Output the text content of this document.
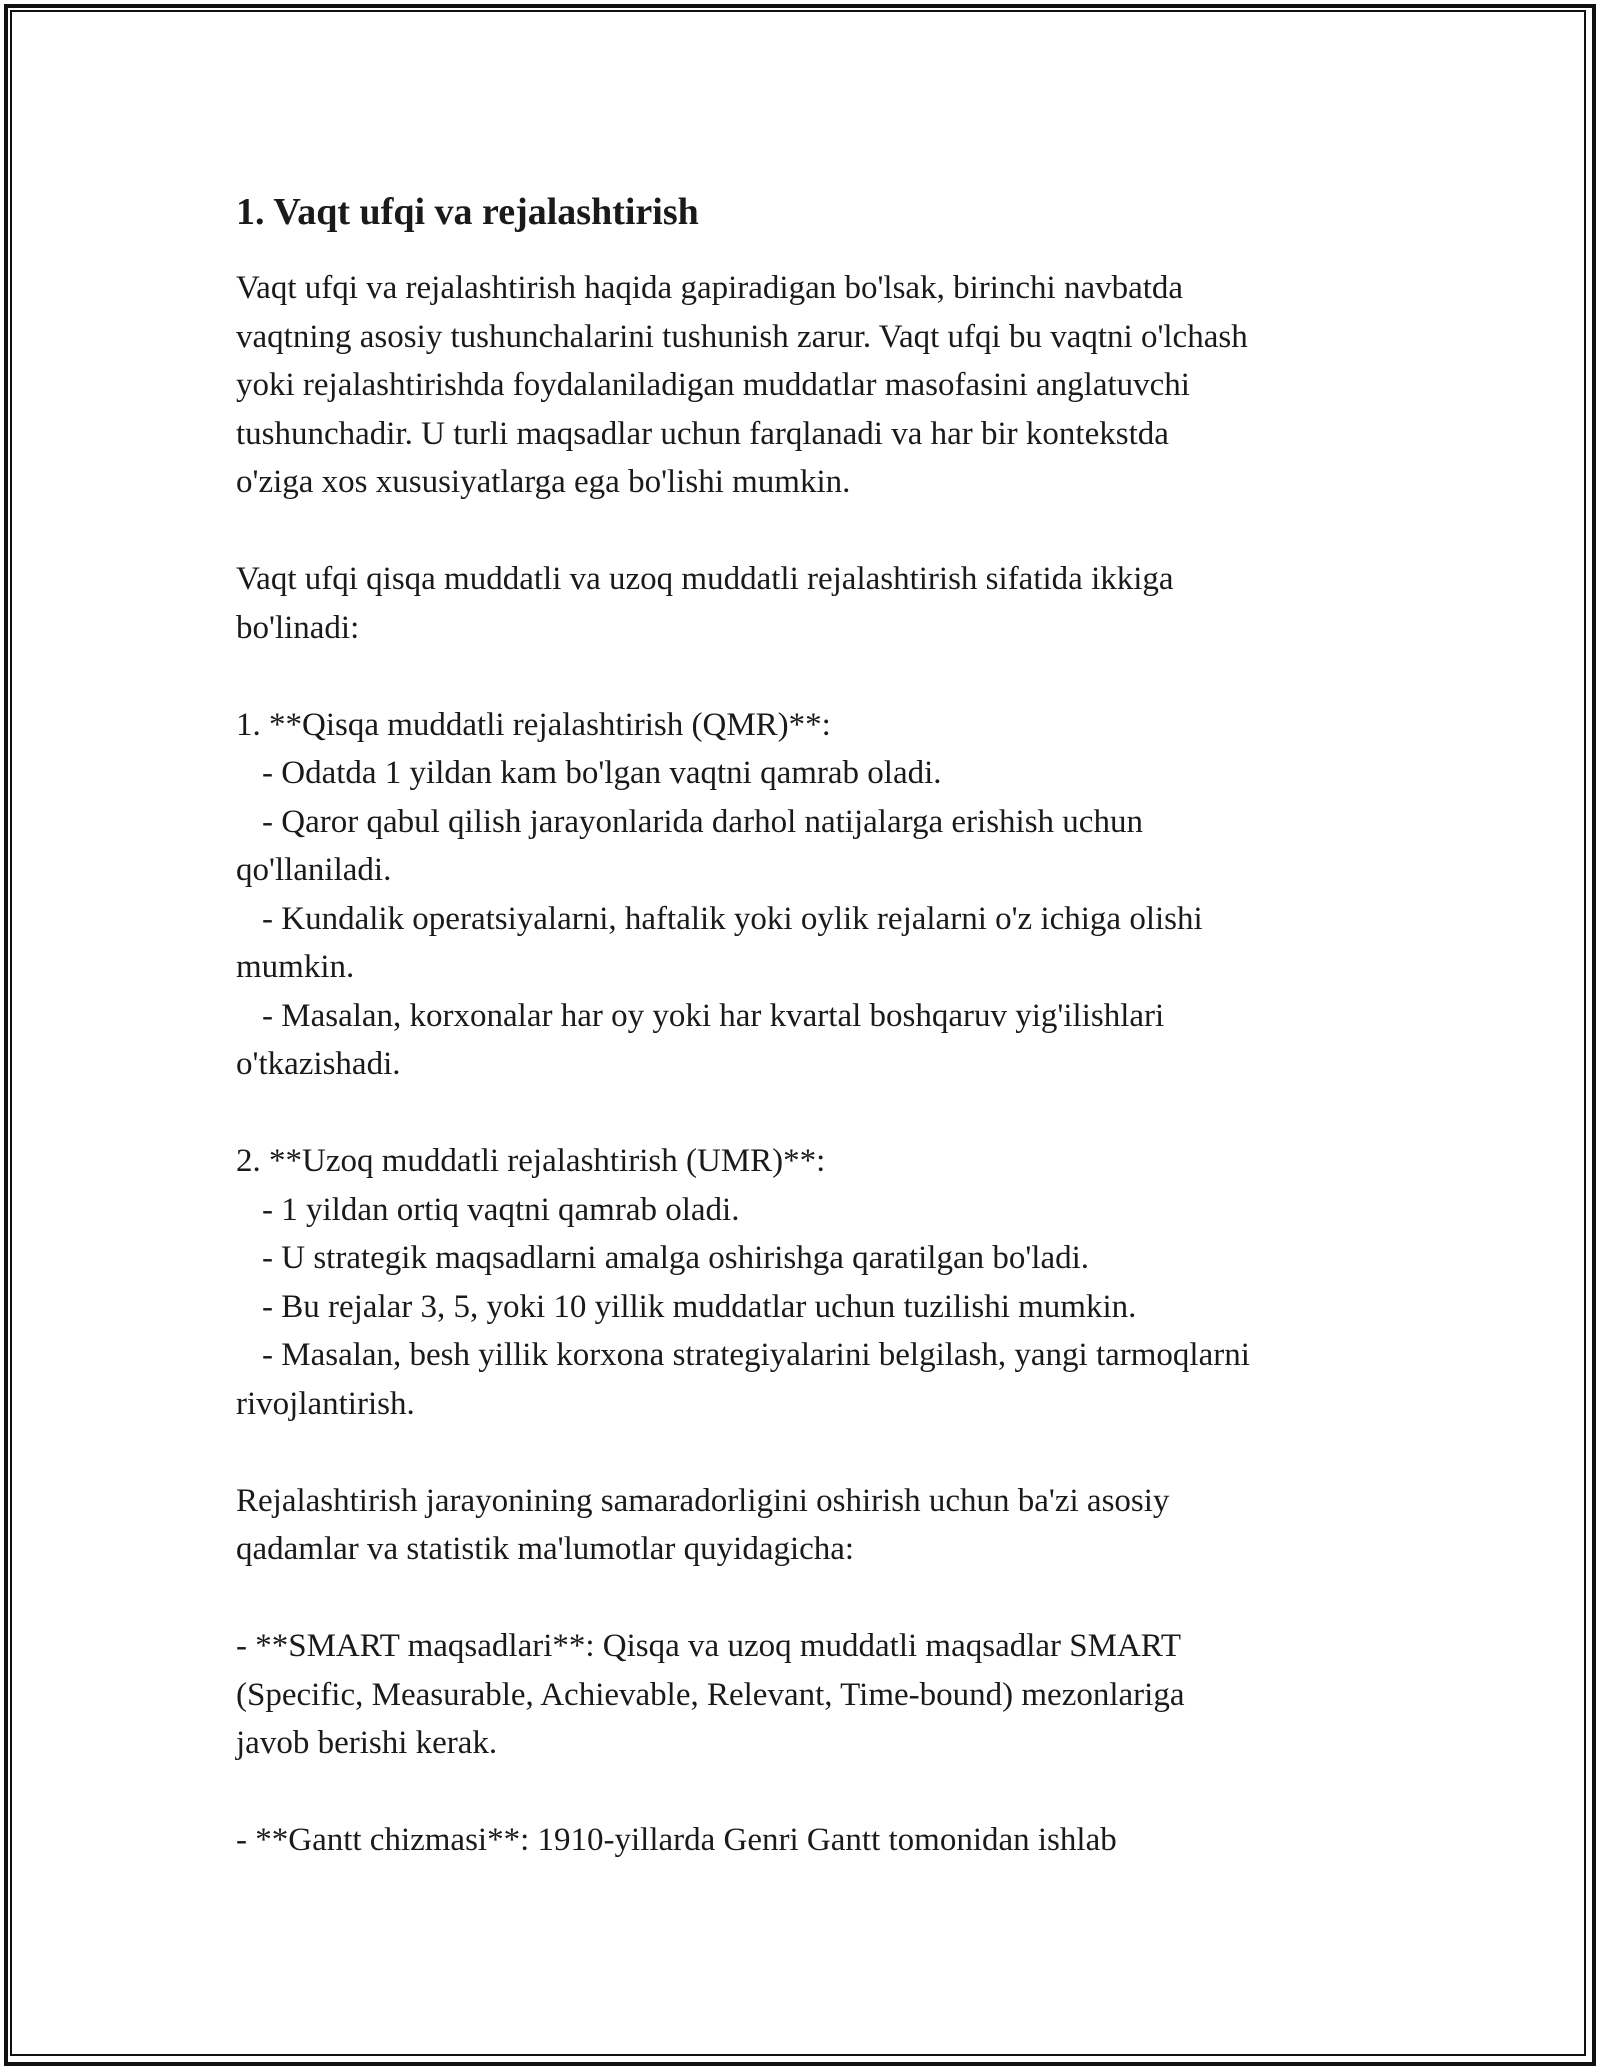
1. Vaqt ufqi va rejalashtirish

Vaqt ufqi va rejalashtirish haqida gapiradigan bo'lsak, birinchi navbatda
vaqtning asosiy tushunchalarini tushunish zarur. Vaqt ufqi bu vaqtni o'lchash
yoki rejalashtirishda foydalaniladigan muddatlar masofasini anglatuvchi
tushunchadir. U turli maqsadlar uchun farqlanadi va har bir kontekstda
o'ziga xos xususiyatlarga ega bo'lishi mumkin.

Vaqt ufqi qisqa muddatli va uzoq muddatli rejalashtirish sifatida ikkiga
bo'linadi:

1. **Qisqa muddatli rejalashtirish (QMR)**:
- Odatda 1 yildan kam bo'lgan vaqtni qamrab oladi.
- Qaror qabul qilish jarayonlarida darhol natijalarga erishish uchun
qo'llaniladi.
- Kundalik operatsiyalarni, haftalik yoki oylik rejalarni o'z ichiga olishi
mumkin.
- Masalan, korxonalar har oy yoki har kvartal boshqaruv yig'ilishlari
o'tkazishadi.
2. **Uzoq muddatli rejalashtirish (UMR)**:
- 1 yildan ortiq vaqtni qamrab oladi.
- U strategik maqsadlarni amalga oshirishga qaratilgan bo'ladi.
- Bu rejalar 3, 5, yoki 10 yillik muddatlar uchun tuzilishi mumkin.
- Masalan, besh yillik korxona strategiyalarini belgilash, yangi tarmoqlarni
rivojlantirish.

Rejalashtirish jarayonining samaradorligini oshirish uchun ba'zi asosiy
qadamlar va statistik ma'lumotlar quyidagicha:

- **SMART maqsadlari**: Qisqa va uzoq muddatli maqsadlar SMART
(Specific, Measurable, Achievable, Relevant, Time-bound) mezonlariga
javob berishi kerak.

- **Gantt chizmasi**: 1910-yillarda Genri Gantt tomonidan ishlab
